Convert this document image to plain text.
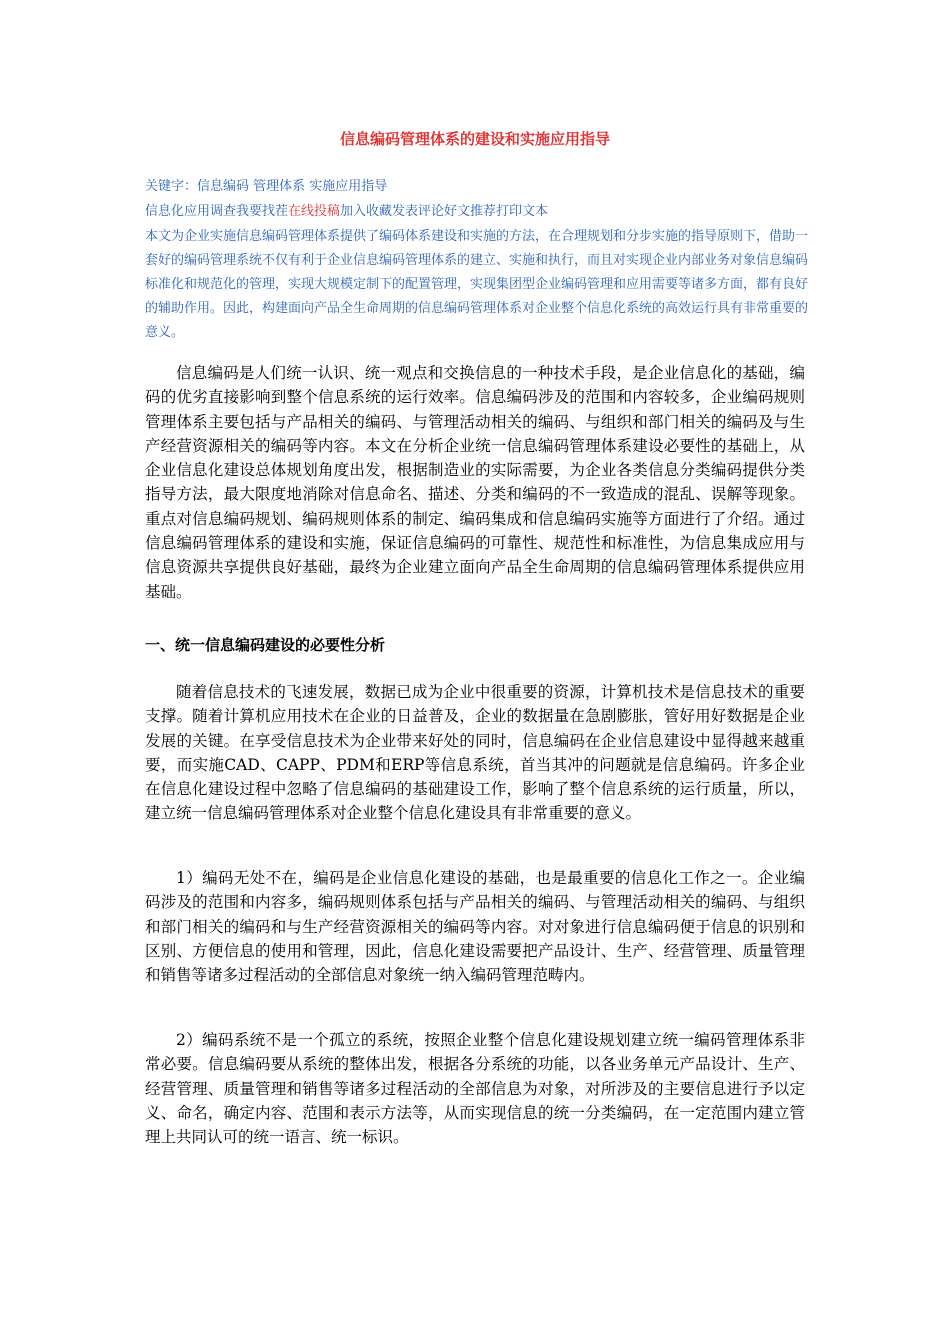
信息编码管理体系的建设和实施应用指导
关键字：信息编码 管理体系 实施应用指导
信息化应用调查我要找茬在线投稿加入收藏发表评论好文推荐打印文本
本文为企业实施信息编码管理体系提供了编码体系建设和实施的方法，在合理规划和分步实施的指导原则下，借助一套好的编码管理系统不仅有利于企业信息编码管理体系的建立、实施和执行，而且对实现企业内部业务对象信息编码标准化和规范化的管理，实现大规模定制下的配置管理，实现集团型企业编码管理和应用需要等诸多方面，都有良好的辅助作用。因此，构建面向产品全生命周期的信息编码管理体系对企业整个信息化系统的高效运行具有非常重要的意义。

信息编码是人们统一认识、统一观点和交换信息的一种技术手段，是企业信息化的基础，编码的优劣直接影响到整个信息系统的运行效率。信息编码涉及的范围和内容较多，企业编码规则管理体系主要包括与产品相关的编码、与管理活动相关的编码、与组织和部门相关的编码及与生产经营资源相关的编码等内容。本文在分析企业统一信息编码管理体系建设必要性的基础上，从企业信息化建设总体规划角度出发，根据制造业的实际需要，为企业各类信息分类编码提供分类指导方法，最大限度地消除对信息命名、描述、分类和编码的不一致造成的混乱、误解等现象。重点对信息编码规划、编码规则体系的制定、编码集成和信息编码实施等方面进行了介绍。通过信息编码管理体系的建设和实施，保证信息编码的可靠性、规范性和标准性，为信息集成应用与信息资源共享提供良好基础，最终为企业建立面向产品全生命周期的信息编码管理体系提供应用基础。

一、统一信息编码建设的必要性分析

随着信息技术的飞速发展，数据已成为企业中很重要的资源，计算机技术是信息技术的重要支撑。随着计算机应用技术在企业的日益普及，企业的数据量在急剧膨胀，管好用好数据是企业发展的关键。在享受信息技术为企业带来好处的同时，信息编码在企业信息建设中显得越来越重要，而实施CAD、CAPP、PDM和ERP等信息系统，首当其冲的问题就是信息编码。许多企业在信息化建设过程中忽略了信息编码的基础建设工作，影响了整个信息系统的运行质量，所以，建立统一信息编码管理体系对企业整个信息化建设具有非常重要的意义。

1）编码无处不在，编码是企业信息化建设的基础，也是最重要的信息化工作之一。企业编码涉及的范围和内容多，编码规则体系包括与产品相关的编码、与管理活动相关的编码、与组织和部门相关的编码和与生产经营资源相关的编码等内容。对对象进行信息编码便于信息的识别和区别、方便信息的使用和管理，因此，信息化建设需要把产品设计、生产、经营管理、质量管理和销售等诸多过程活动的全部信息对象统一纳入编码管理范畴内。

2）编码系统不是一个孤立的系统，按照企业整个信息化建设规划建立统一编码管理体系非常必要。信息编码要从系统的整体出发，根据各分系统的功能，以各业务单元产品设计、生产、经营管理、质量管理和销售等诸多过程活动的全部信息为对象，对所涉及的主要信息进行予以定义、命名，确定内容、范围和表示方法等，从而实现信息的统一分类编码，在一定范围内建立管理上共同认可的统一语言、统一标识。
